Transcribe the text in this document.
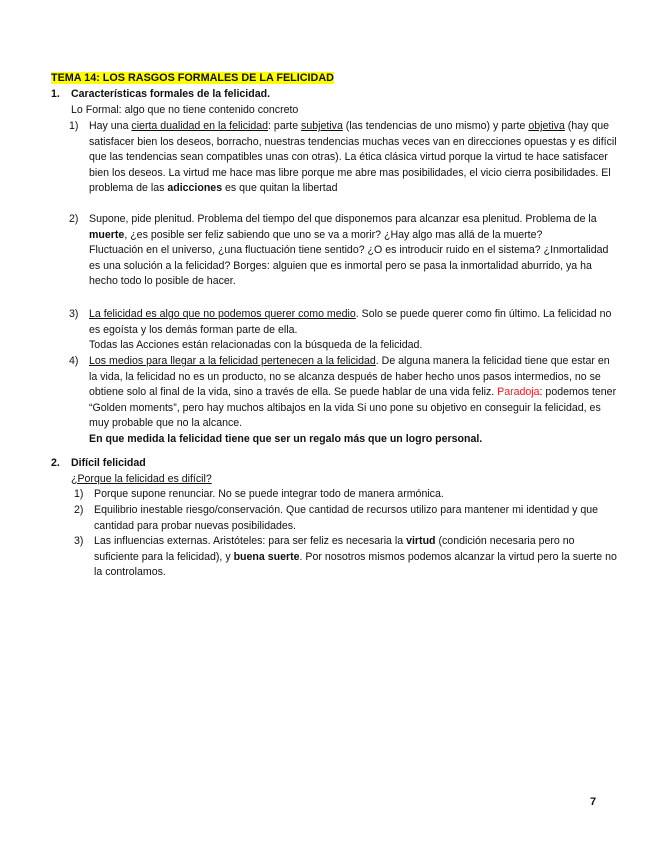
TEMA 14: LOS RASGOS FORMALES DE LA FELICIDAD
1. Características formales de la felicidad.
Lo Formal: algo que no tiene contenido concreto
1) Hay una cierta dualidad en la felicidad: parte subjetiva (las tendencias de uno mismo) y parte objetiva (hay que satisfacer bien los deseos, borracho, nuestras tendencias muchas veces van en direcciones opuestas y es difícil que las tendencias sean compatibles unas con otras). La ética clásica virtud porque la virtud te hace satisfacer bien los deseos. La virtud me hace mas libre porque me abre mas posibilidades, el vicio cierra posibilidades. El problema de las adicciones es que quitan la libertad
2) Supone, pide plenitud. Problema del tiempo del que disponemos para alcanzar esa plenitud. Problema de la muerte, ¿es posible ser feliz sabiendo que uno se va a morir? ¿Hay algo mas allá de la muerte?
Fluctuación en el universo, ¿una fluctuación tiene sentido? ¿O es introducir ruido en el sistema? ¿Inmortalidad es una solución a la felicidad? Borges: alguien que es inmortal pero se pasa la inmortalidad aburrido, ya ha hecho todo lo posible de hacer.
3) La felicidad es algo que no podemos querer como medio. Solo se puede querer como fin último. La felicidad no es egoísta y los demás forman parte de ella.
Todas las Acciones están relacionadas con la búsqueda de la felicidad.
4) Los medios para llegar a la felicidad pertenecen a la felicidad. De alguna manera la felicidad tiene que estar en la vida, la felicidad no es un producto, no se alcanza después de haber hecho unos pasos intermedios, no se obtiene solo al final de la vida, sino a través de ella. Se puede hablar de una vida feliz. Paradoja: podemos tener “Golden moments”, pero hay muchos altibajos en la vida Si uno pone su objetivo en conseguir la felicidad, es muy probable que no la alcance.
En que medida la felicidad tiene que ser un regalo más que un logro personal.
2. Difícil felicidad
¿Porque la felicidad es difícil?
1) Porque supone renunciar. No se puede integrar todo de manera armónica.
2) Equilibrio inestable riesgo/conservación. Que cantidad de recursos utilizo para mantener mi identidad y que cantidad para probar nuevas posibilidades.
3) Las influencias externas. Aristóteles: para ser feliz es necesaria la virtud (condición necesaria pero no suficiente para la felicidad), y buena suerte. Por nosotros mismos podemos alcanzar la virtud pero la suerte no la controlamos.
7
